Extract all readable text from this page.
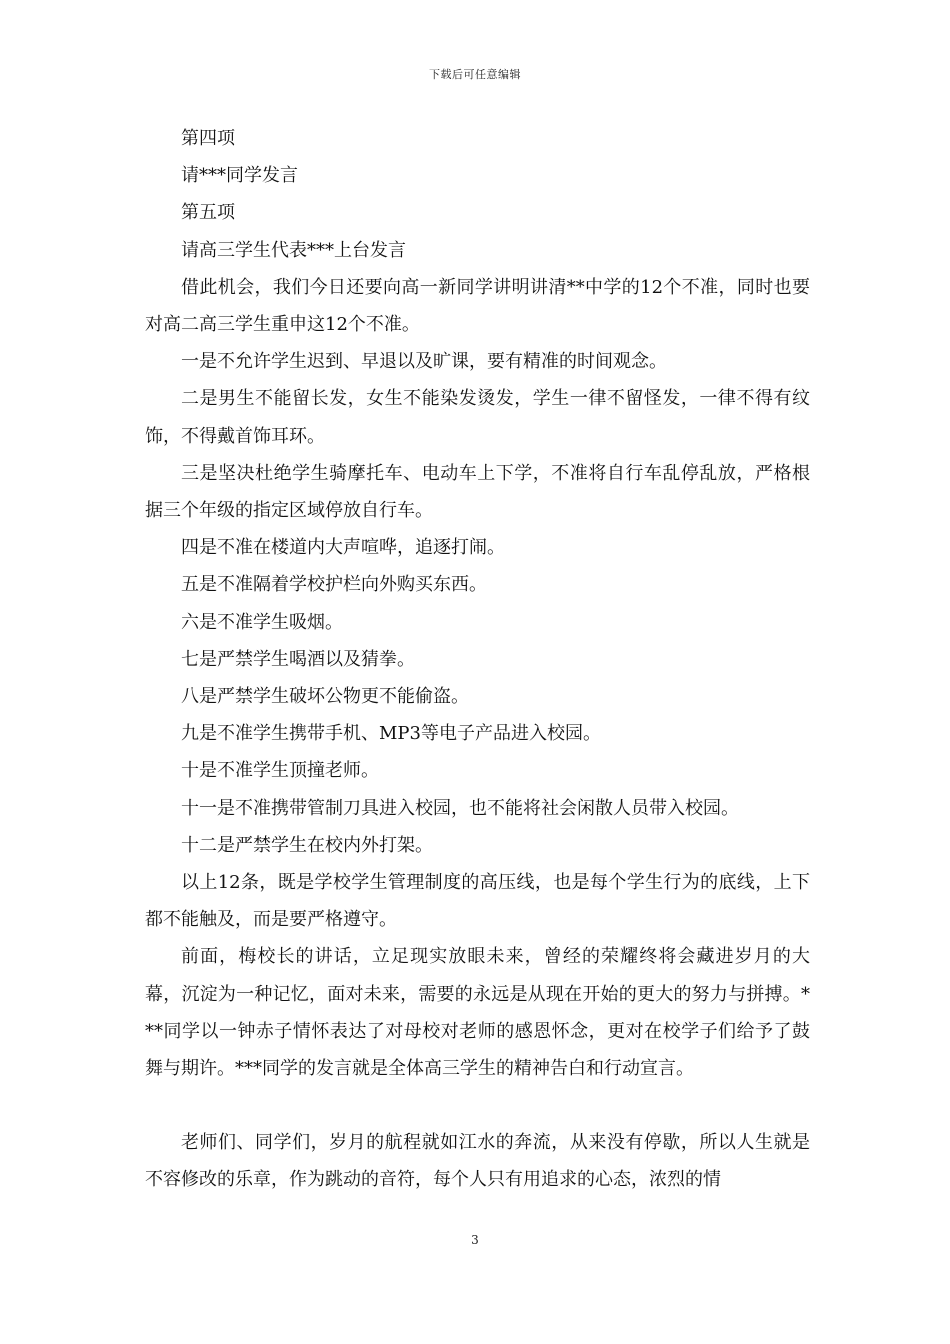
下载后可任意编辑

第四项

请***同学发言

第五项

请高三学生代表***上台发言

借此机会，我们今日还要向高一新同学讲明讲清**中学的12个不准，同时也要对高二高三学生重申这12个不准。

一是不允许学生迟到、早退以及旷课，要有精准的时间观念。

二是男生不能留长发，女生不能染发烫发，学生一律不留怪发，一律不得有纹饰，不得戴首饰耳环。

三是坚决杜绝学生骑摩托车、电动车上下学，不准将自行车乱停乱放，严格根据三个年级的指定区域停放自行车。

四是不准在楼道内大声喧哗，追逐打闹。

五是不准隔着学校护栏向外购买东西。

六是不准学生吸烟。

七是严禁学生喝酒以及猜拳。

八是严禁学生破坏公物更不能偷盗。

九是不准学生携带手机、MP3等电子产品进入校园。

十是不准学生顶撞老师。

十一是不准携带管制刀具进入校园，也不能将社会闲散人员带入校园。

十二是严禁学生在校内外打架。

以上12条，既是学校学生管理制度的高压线，也是每个学生行为的底线，上下都不能触及，而是要严格遵守。

前面，梅校长的讲话，立足现实放眼未来，曾经的荣耀终将会藏进岁月的大幕，沉淀为一种记忆，面对未来，需要的永远是从现在开始的更大的努力与拼搏。***同学以一钟赤子情怀表达了对母校对老师的感恩怀念，更对在校学子们给予了鼓舞与期许。***同学的发言就是全体高三学生的精神告白和行动宣言。

老师们、同学们，岁月的航程就如江水的奔流，从来没有停歇，所以人生就是不容修改的乐章，作为跳动的音符，每个人只有用追求的心态，浓烈的情

3
